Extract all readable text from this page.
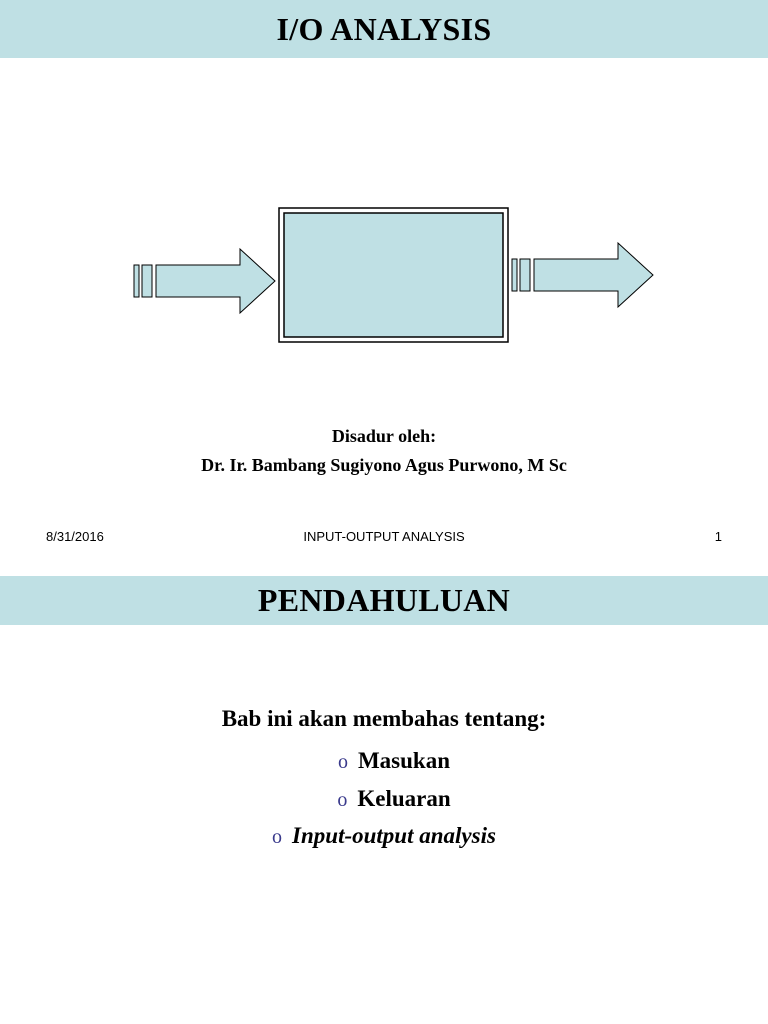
I/O ANALYSIS
Disadur oleh:
Dr. Ir. Bambang Sugiyono Agus Purwono, M Sc
8/31/2016	INPUT-OUTPUT ANALYSIS	1
PENDAHULUAN
Bab ini akan membahas tentang:
o Masukan
o Keluaran
o Input-output analysis
